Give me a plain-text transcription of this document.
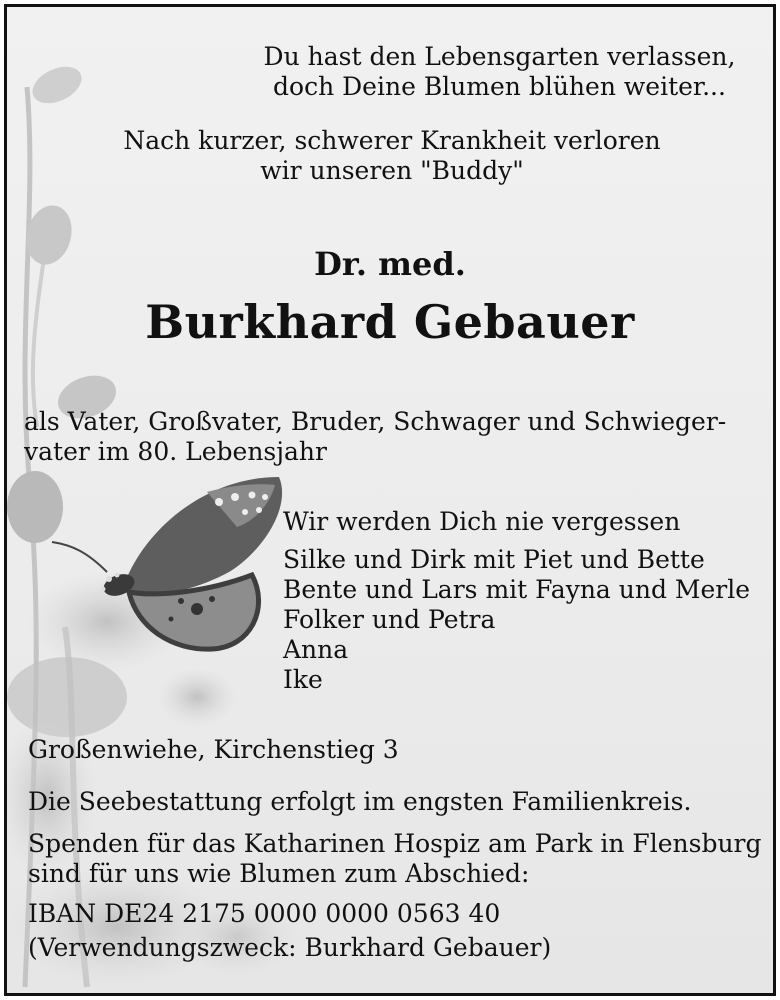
Du hast den Lebensgarten verlassen,

doch Deine Blumen blühen weiter...

Nach kurzer, schwerer Krankheit verloren

wir unseren "Buddy"

Dr. med.

Burkhard Gebauer

als Vater, Großvater, Bruder, Schwager und Schwieger-

vater im 80. Lebensjahr

Wir werden Dich nie vergessen

Silke und Dirk mit Piet und Bette

Bente und Lars mit Fayna und Merle

Folker und Petra

Anna

Ike

Großenwiehe, Kirchenstieg 3

Die Seebestattung erfolgt im engsten Familienkreis.

Spenden für das Katharinen Hospiz am Park in Flensburg

sind für uns wie Blumen zum Abschied:

IBAN DE24 2175 0000 0000 0563 40

(Verwendungszweck: Burkhard Gebauer)
